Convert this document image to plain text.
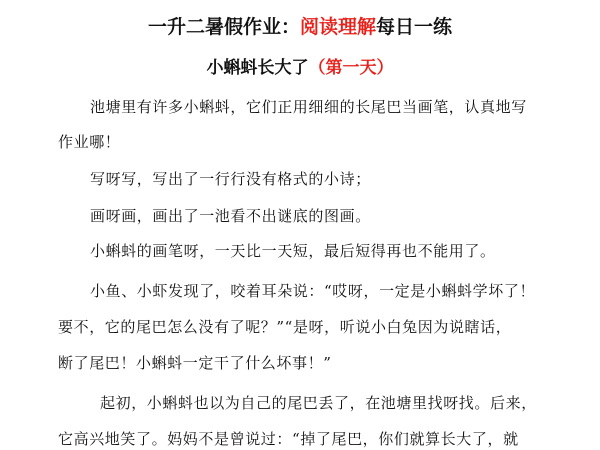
一升二暑假作业：阅读理解每日一练
小蝌蚪长大了（第一天）
池塘里有许多小蝌蚪，它们正用细细的长尾巴当画笔，认真地写
作业哪！
写呀写，写出了一行行没有格式的小诗；
画呀画，画出了一池看不出谜底的图画。
小蝌蚪的画笔呀，一天比一天短，最后短得再也不能用了。
小鱼、小虾发现了，咬着耳朵说：“哎呀，一定是小蝌蚪学坏了！
要不，它的尾巴怎么没有了呢？”“是呀，听说小白兔因为说瞎话，
断了尾巴！小蝌蚪一定干了什么坏事！”
起初，小蝌蚪也以为自己的尾巴丢了，在池塘里找呀找。后来，
它高兴地笑了。妈妈不是曾说过：“掉了尾巴，你们就算长大了，就
